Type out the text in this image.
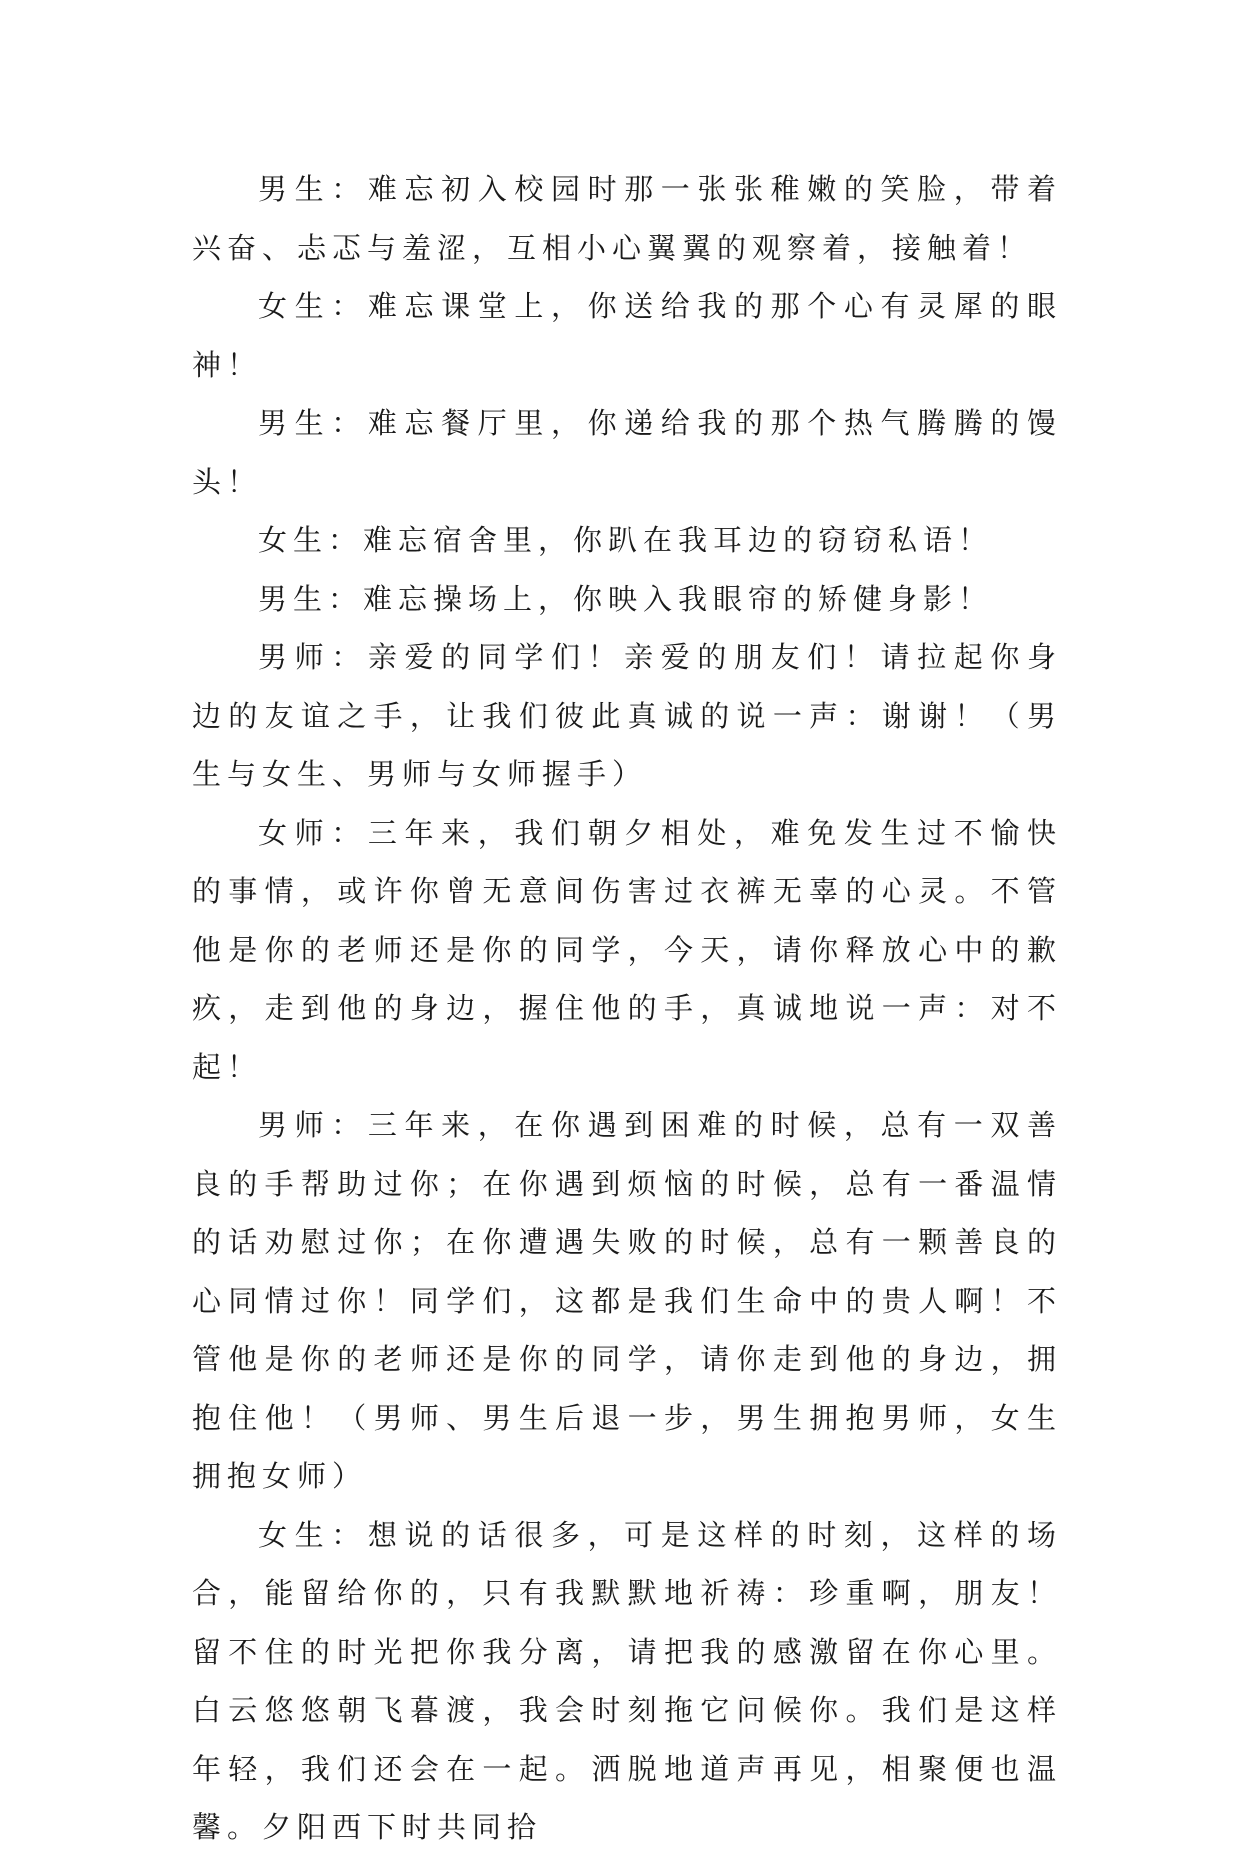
男生：难忘初入校园时那一张张稚嫩的笑脸，带着兴奋、忐忑与羞涩，互相小心翼翼的观察着，接触着！

女生：难忘课堂上，你送给我的那个心有灵犀的眼神！

男生：难忘餐厅里，你递给我的那个热气腾腾的馒头！

女生：难忘宿舍里，你趴在我耳边的窃窃私语！

男生：难忘操场上，你映入我眼帘的矫健身影！

男师：亲爱的同学们！亲爱的朋友们！请拉起你身边的友谊之手，让我们彼此真诚的说一声：谢谢！（男生与女生、男师与女师握手）

女师：三年来，我们朝夕相处，难免发生过不愉快的事情，或许你曾无意间伤害过衣裤无辜的心灵。不管他是你的老师还是你的同学，今天，请你释放心中的歉疚，走到他的身边，握住他的手，真诚地说一声：对不起！

男师：三年来，在你遇到困难的时候，总有一双善良的手帮助过你；在你遇到烦恼的时候，总有一番温情的话劝慰过你；在你遭遇失败的时候，总有一颗善良的心同情过你！同学们，这都是我们生命中的贵人啊！不管他是你的老师还是你的同学，请你走到他的身边，拥抱住他！（男师、男生后退一步，男生拥抱男师，女生拥抱女师）

女生：想说的话很多，可是这样的时刻，这样的场合，能留给你的，只有我默默地祈祷：珍重啊，朋友！留不住的时光把你我分离，请把我的感激留在你心里。白云悠悠朝飞暮渡，我会时刻拖它问候你。我们是这样年轻，我们还会在一起。洒脱地道声再见，相聚便也温馨。夕阳西下时共同拾
